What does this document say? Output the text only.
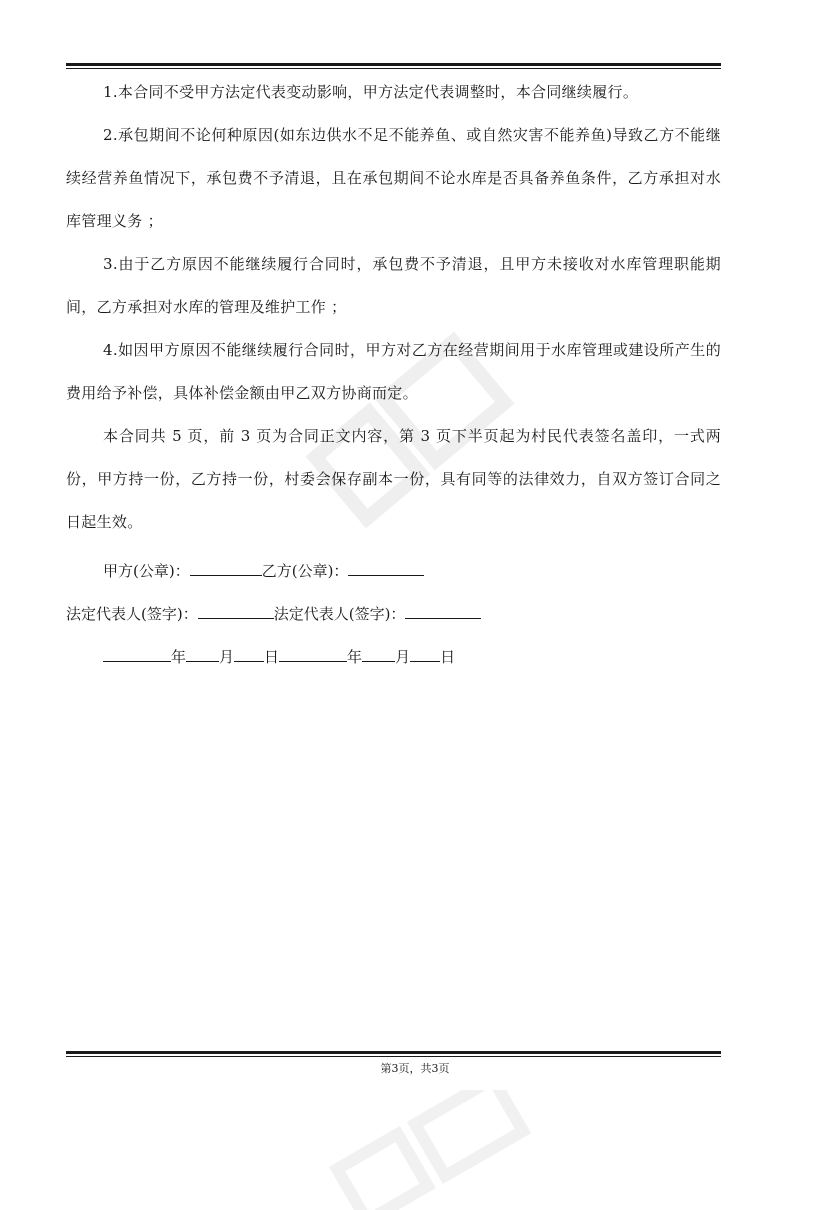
1.本合同不受甲方法定代表变动影响，甲方法定代表调整时，本合同继续履行。
2.承包期间不论何种原因(如东边供水不足不能养鱼、或自然灾害不能养鱼)导致乙方不能继续经营养鱼情况下，承包费不予清退，且在承包期间不论水库是否具备养鱼条件，乙方承担对水库管理义务 ；
3.由于乙方原因不能继续履行合同时，承包费不予清退，且甲方未接收对水库管理职能期间，乙方承担对水库的管理及维护工作 ；
4.如因甲方原因不能继续履行合同时，甲方对乙方在经营期间用于水库管理或建设所产生的费用给予补偿，具体补偿金额由甲乙双方协商而定。
本合同共 5 页，前 3 页为合同正文内容，第 3 页下半页起为村民代表签名盖印，一式两份，甲方持一份，乙方持一份，村委会保存副本一份，具有同等的法律效力，自双方签订合同之日起生效。
甲方(公章)：	乙方(公章)：
法定代表人(签字)：	法定代表人(签字)：
年 月 日	年 月 日
第3页，共3页
